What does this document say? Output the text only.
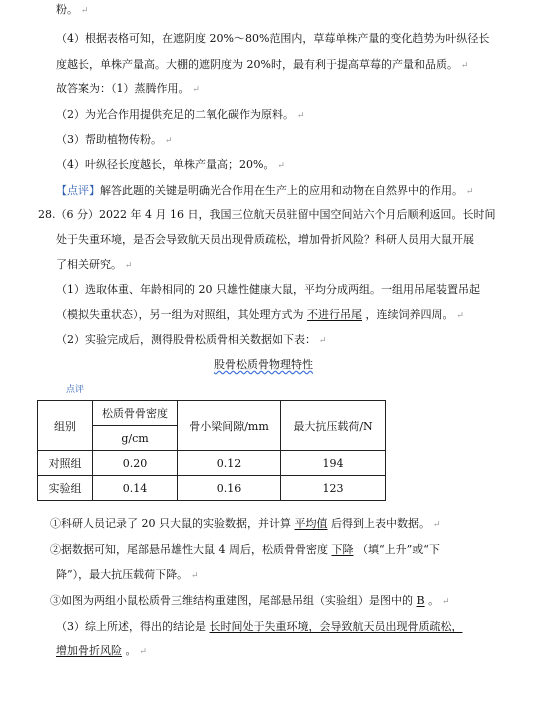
粉。 ↵
（4）根据表格可知，在遮阴度 20%～80%范围内，草莓单株产量的变化趋势为叶纵径长
度越长，单株产量高。大棚的遮阴度为 20%时，最有利于提高草莓的产量和品质。 ↵
故答案为：（1）蒸腾作用。 ↵
（2）为光合作用提供充足的二氧化碳作为原料。 ↵
（3）帮助植物传粉。 ↵
（4）叶纵径长度越长，单株产量高；20%。 ↵
【点评】解答此题的关键是明确光合作用在生产上的应用和动物在自然界中的作用。 ↵
28.（6 分）2022 年 4 月 16 日，我国三位航天员驻留中国空间站六个月后顺利返回。长时间
处于失重环境，是否会导致航天员出现骨质疏松，增加骨折风险？科研人员用大鼠开展
了相关研究。 ↵
（1）选取体重、年龄相同的 20 只雄性健康大鼠，平均分成两组。一组用吊尾装置吊起
（模拟失重状态），另一组为对照组，其处理方式为 不进行吊尾 ，连续饲养四周。 ↵
（2）实验完成后，测得股骨松质骨相关数据如下表： ↵
股骨松质骨物理特性
点评
组别	松质骨骨密度	骨小梁间隙/mm	最大抗压载荷/N
	g/cm		
对照组	0.20	0.12	194
实验组	0.14	0.16	123
①科研人员记录了 20 只大鼠的实验数据，并计算 平均值 后得到上表中数据。 ↵
②据数据可知，尾部悬吊雄性大鼠 4 周后，松质骨骨密度 下降 （填“上升”或“下
降”），最大抗压载荷下降。 ↵
③如图为两组小鼠松质骨三维结构重建图，尾部悬吊组（实验组）是图中的 B 。 ↵
（3）综上所述，得出的结论是 长时间处于失重环境，会导致航天员出现骨质疏松，
增加骨折风险 。 ↵
